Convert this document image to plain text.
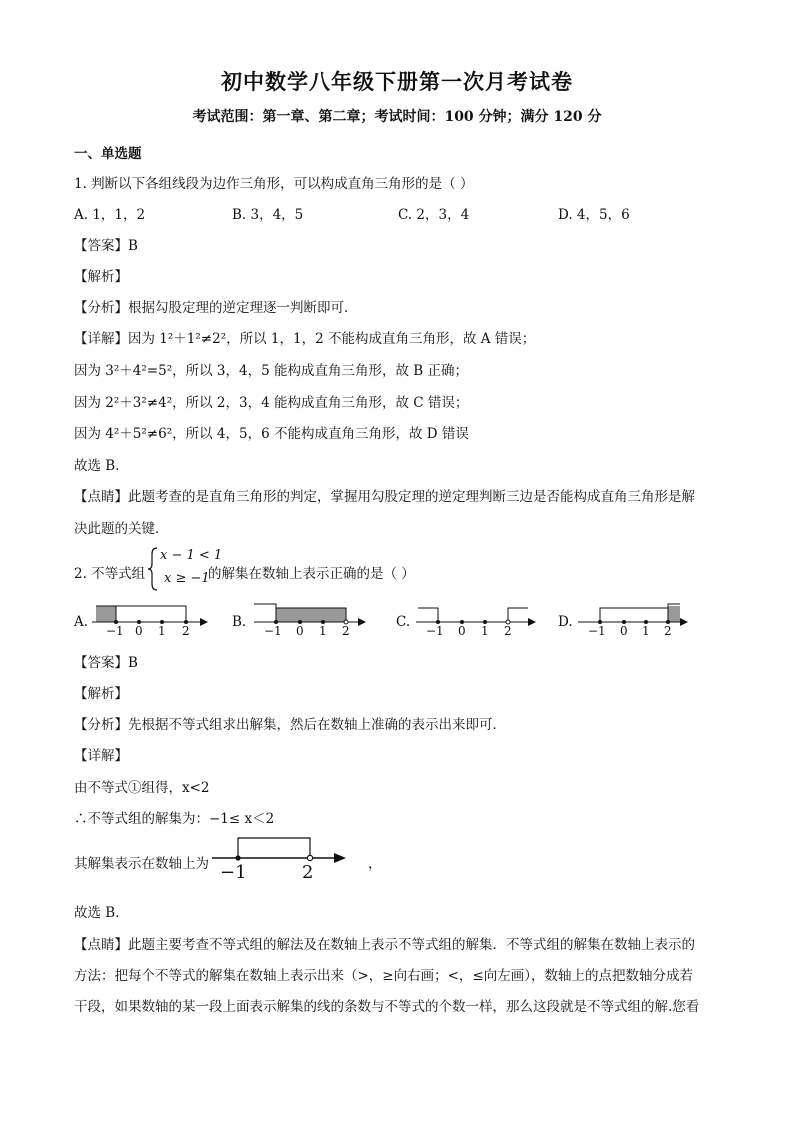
初中数学八年级下册第一次月考试卷
考试范围：第一章、第二章；考试时间：100 分钟；满分 120 分
一、单选题
1. 判断以下各组线段为边作三角形，可以构成直角三角形的是（ ）
A. 1，1，2	B. 3，4，5	C. 2，3，4	D. 4，5，6
【答案】B
【解析】
【分析】根据勾股定理的逆定理逐一判断即可．
【详解】因为 1²＋1²≠2²，所以 1，1，2 不能构成直角三角形，故 A 错误；
因为 3²＋4²=5²，所以 3，4，5 能构成直角三角形，故 B 正确；
因为 2²＋3²≠4²，所以 2，3，4 能构成直角三角形，故 C 错误；
因为 4²＋5²≠6²，所以 4，5，6 不能构成直角三角形，故 D 错误
故选 B．
【点睛】此题考查的是直角三角形的判定，掌握用勾股定理的逆定理判断三边是否能构成直角三角形是解
决此题的关键．
2. 不等式组
x − 1 < 1
x ≥ −1
的解集在数轴上表示正确的是（ ）
A.
−1 0 1 2
B.
−1 0 1 2
C.
−1 0 1 2
D.
−1 0 1 2
【答案】B
【解析】
【分析】先根据不等式组求出解集，然后在数轴上准确的表示出来即可．
【详解】
由不等式①组得，x<2
∴不等式组的解集为：−1≤ x＜2
其解集表示在数轴上为 −1	2	，
故选 B．
【点睛】此题主要考查不等式组的解法及在数轴上表示不等式组的解集．不等式组的解集在数轴上表示的
方法：把每个不等式的解集在数轴上表示出来（>，≥向右画；<，≤向左画），数轴上的点把数轴分成若
干段，如果数轴的某一段上面表示解集的线的条数与不等式的个数一样，那么这段就是不等式组的解.您看
